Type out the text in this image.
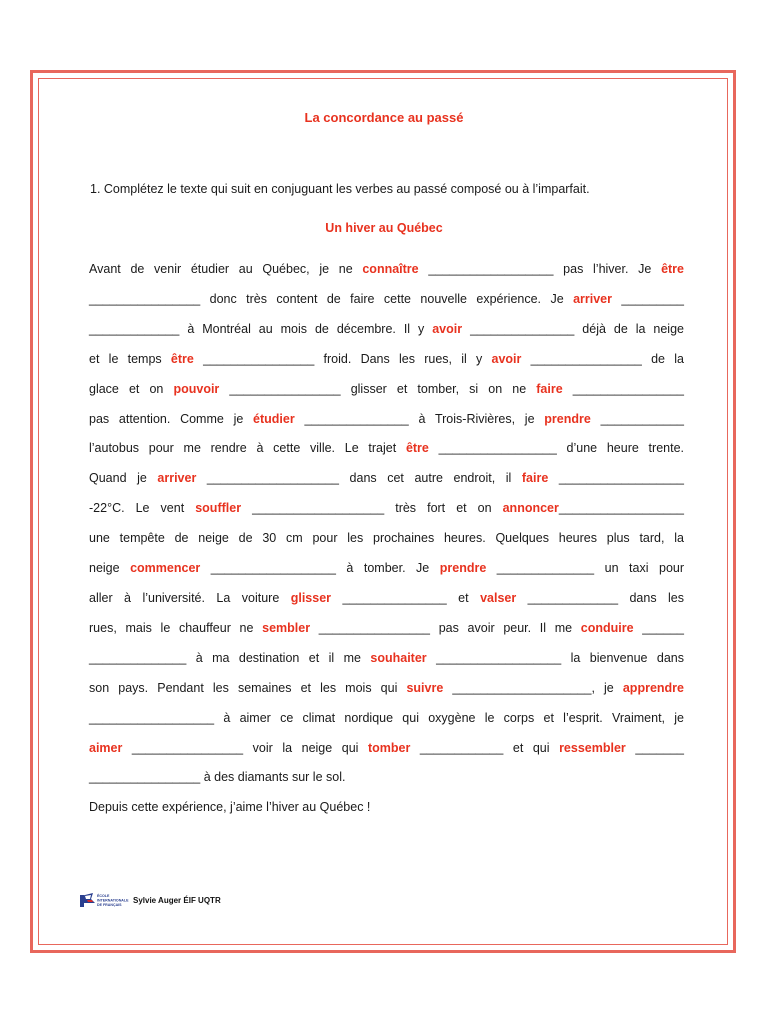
La concordance au passé
1. Complétez le texte qui suit en conjuguant les verbes au passé composé ou à l’imparfait.
Un hiver au Québec
Avant de venir étudier au Québec, je ne connaître __________________ pas l’hiver. Je être
________________ donc très content de faire cette nouvelle expérience. Je arriver _________
_____________ à Montréal au mois de décembre. Il y avoir _______________ déjà de la neige
et le temps être ________________ froid. Dans les rues, il y avoir ________________ de la
glace et on pouvoir ________________ glisser et tomber, si on ne faire ________________
pas attention. Comme je étudier _______________ à Trois-Rivières, je prendre ____________
l’autobus pour me rendre à cette ville. Le trajet être _________________ d’une heure trente.
Quand je arriver ___________________ dans cet autre endroit, il faire __________________
-22°C. Le vent souffler ___________________ très fort et on annoncer__________________
une tempête de neige de 30 cm pour les prochaines heures. Quelques heures plus tard, la
neige commencer __________________ à tomber. Je prendre ______________ un taxi pour
aller à l’université. La voiture glisser _______________ et valser _____________ dans les
rues, mais le chauffeur ne sembler ________________ pas avoir peur. Il me conduire ______
______________ à ma destination et il me souhaiter __________________ la bienvenue dans
son pays. Pendant les semaines et les mois qui suivre ____________________, je apprendre
__________________ à aimer ce climat nordique qui oxygène le corps et l’esprit. Vraiment, je
aimer ________________ voir la neige qui tomber ____________ et qui ressembler _______
________________ à des diamants sur le sol.
Depuis cette expérience, j’aime l’hiver au Québec !
ÉCOLE
INTERNATIONALE
DE FRANÇAIS
Sylvie Auger ÉIF UQTR
